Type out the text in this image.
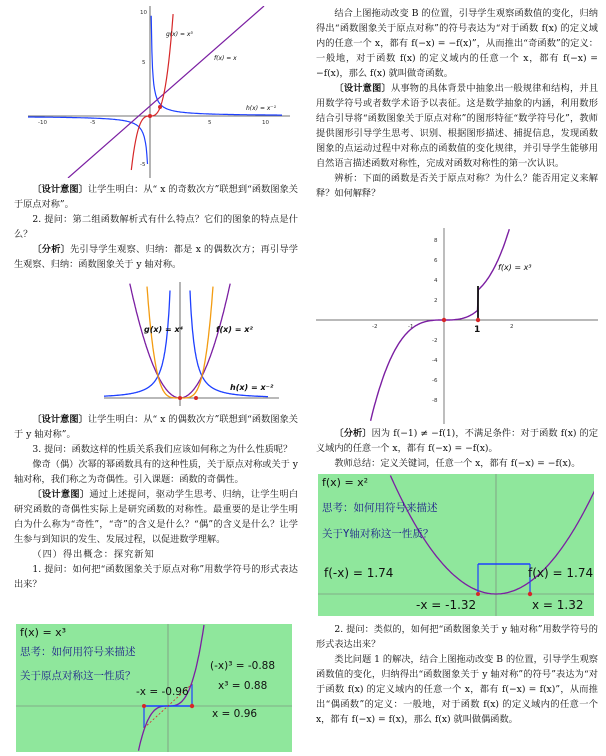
-10	-5	5	10
10
5
-5
g(x) = x³
f(x) = x
h(x) = x⁻¹

〔设计意图〕让学生明白：从“ x 的奇数次方”联想到“函数图象关于原点对称”。

2. 提问：第二组函数解析式有什么特点？它们的图象的特点是什么？

〔分析〕先引导学生观察、归纳：都是 x 的偶数次方；再引导学生观察、归纳：函数图象关于 y 轴对称。

g(x) = x⁴	f(x) = x²
h(x) = x⁻²

〔设计意图〕让学生明白：从“ x 的偶数次方”联想到“函数图象关于 y 轴对称”。

3. 提问：函数这样的性质关系我们应该如何称之为什么性质呢？

像奇（偶）次幂的幂函数具有的这种性质，关于原点对称或关于 y 轴对称，我们称之为奇偶性。引入课题：函数的奇偶性。

〔设计意图〕通过上述提问，驱动学生思考、归纳，让学生明白研究函数的奇偶性实际上是研究函数的对称性。最重要的是让学生明白为什么称为“奇性”，“奇”的含义是什么？“偶”的含义是什么？让学生参与到知识的发生、发展过程，以促进数学理解。

（四）得出概念：探究新知

1. 提问：如何把“函数图象关于原点对称”用数学符号的形式表达出来？

f(x) = x³
思考：如何用符号来描述
关于原点对称这一性质？
(-x)³ = -0.88
x³ = 0.88
-x = -0.96
x = 0.96

结合上图拖动改变 B 的位置，引导学生观察函数值的变化，归纳得出“函数图象关于原点对称”的符号表达为“对于函数 f(x) 的定义域内的任意一个 x，都有 f(−x) = −f(x)”，从而推出“奇函数”的定义：一般地，对于函数 f(x) 的定义域内的任意一个 x，都有 f(−x) = −f(x)，那么 f(x) 就叫做奇函数。

〔设计意图〕从事物的具体背景中抽象出一般规律和结构，并且用数学符号或者数学术语予以表征。这是数学抽象的内涵，利用数形结合引导将“函数图象关于原点对称”的图形特征“数学符号化”，教师提供图形引导学生思考、识别、根据图形描述、捕捉信息，发现函数图象的点运动过程中对称点的函数值的变化规律，并引导学生能够用自然语言描述函数对称性，完成对函数对称性的第一次认识。

辨析：下面的函数是否关于原点对称？为什么？能否用定义来解释？如何解释？

-2	-1	2
8
6
4
2
-2
-4
-6
-8
f(x) = x³
1

〔分析〕因为 f(−1) ≠ −f(1)，不满足条件：对于函数 f(x) 的定义域内的任意一个 x，都有 f(−x) = −f(x)。

教师总结：定义关键词，任意一个 x，都有 f(−x) = −f(x)。

f(x) = x²
思考：如何用符号来描述
关于Y轴对称这一性质？
f(-x) = 1.74	f(x) = 1.74
-x = -1.32	x = 1.32

2. 提问：类似的，如何把“函数图象关于 y 轴对称”用数学符号的形式表达出来？

类比问题 1 的解决，结合上图拖动改变 B 的位置，引导学生观察函数值的变化，归纳得出“函数图象关于 y 轴对称”的符号”表达为“对于函数 f(x) 的定义域内的任意一个 x，都有 f(−x) = f(x)”，从而推出“偶函数”的定义：一般地，对于函数 f(x) 的定义域内的任意一个 x，都有 f(−x) = f(x)，那么 f(x) 就叫做偶函数。
